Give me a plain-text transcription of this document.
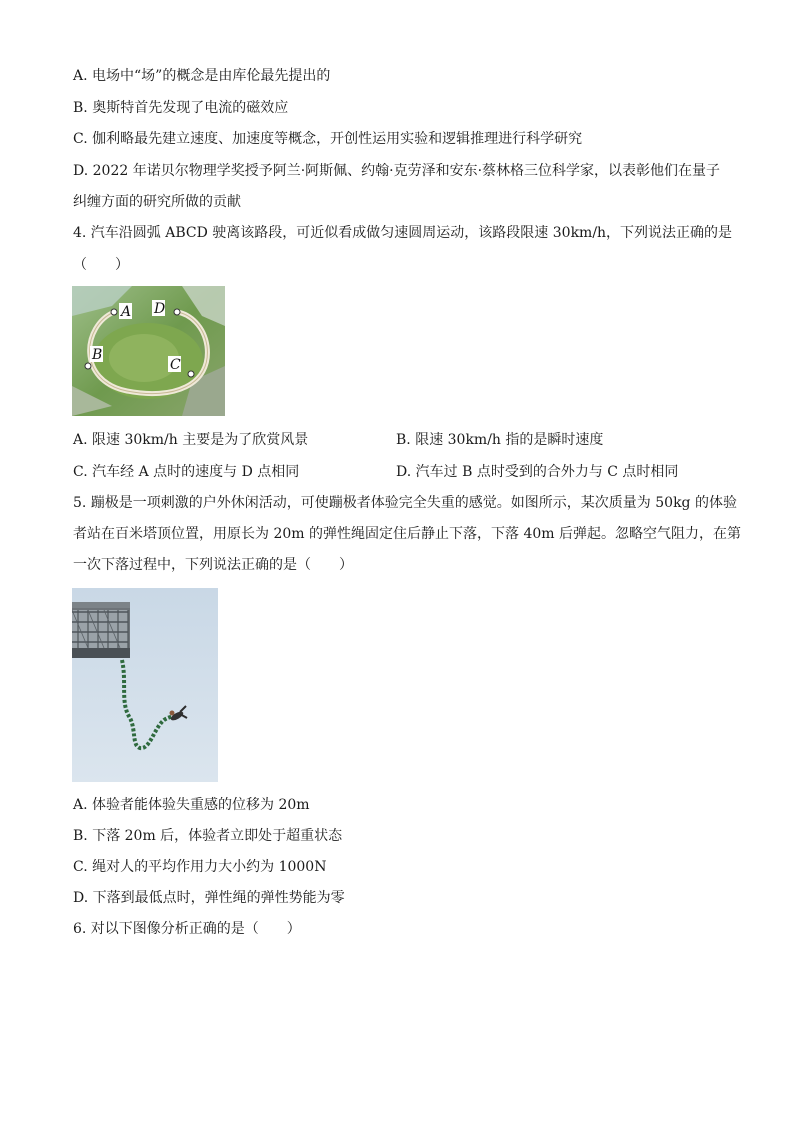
A. 电场中“场”的概念是由库伦最先提出的
B. 奥斯特首先发现了电流的磁效应
C. 伽利略最先建立速度、加速度等概念，开创性运用实验和逻辑推理进行科学研究
D. 2022 年诺贝尔物理学奖授予阿兰·阿斯佩、约翰·克劳泽和安东·蔡林格三位科学家，以表彰他们在量子
纠缠方面的研究所做的贡献
4. 汽车沿圆弧 ABCD 驶离该路段，可近似看成做匀速圆周运动，该路段限速 30km/h，下列说法正确的是
（　　）
A D
B
C
A. 限速 30km/h 主要是为了欣赏风景	B. 限速 30km/h 指的是瞬时速度
C. 汽车经 A 点时的速度与 D 点相同	D. 汽车过 B 点时受到的合外力与 C 点时相同
5. 蹦极是一项刺激的户外休闲活动，可使蹦极者体验完全失重的感觉。如图所示，某次质量为 50kg 的体验
者站在百米塔顶位置，用原长为 20m 的弹性绳固定住后静止下落，下落 40m 后弹起。忽略空气阻力，在第
一次下落过程中，下列说法正确的是（　　）
A. 体验者能体验失重感的位移为 20m
B. 下落 20m 后，体验者立即处于超重状态
C. 绳对人的平均作用力大小约为 1000N
D. 下落到最低点时，弹性绳的弹性势能为零
6. 对以下图像分析正确的是（　　）
